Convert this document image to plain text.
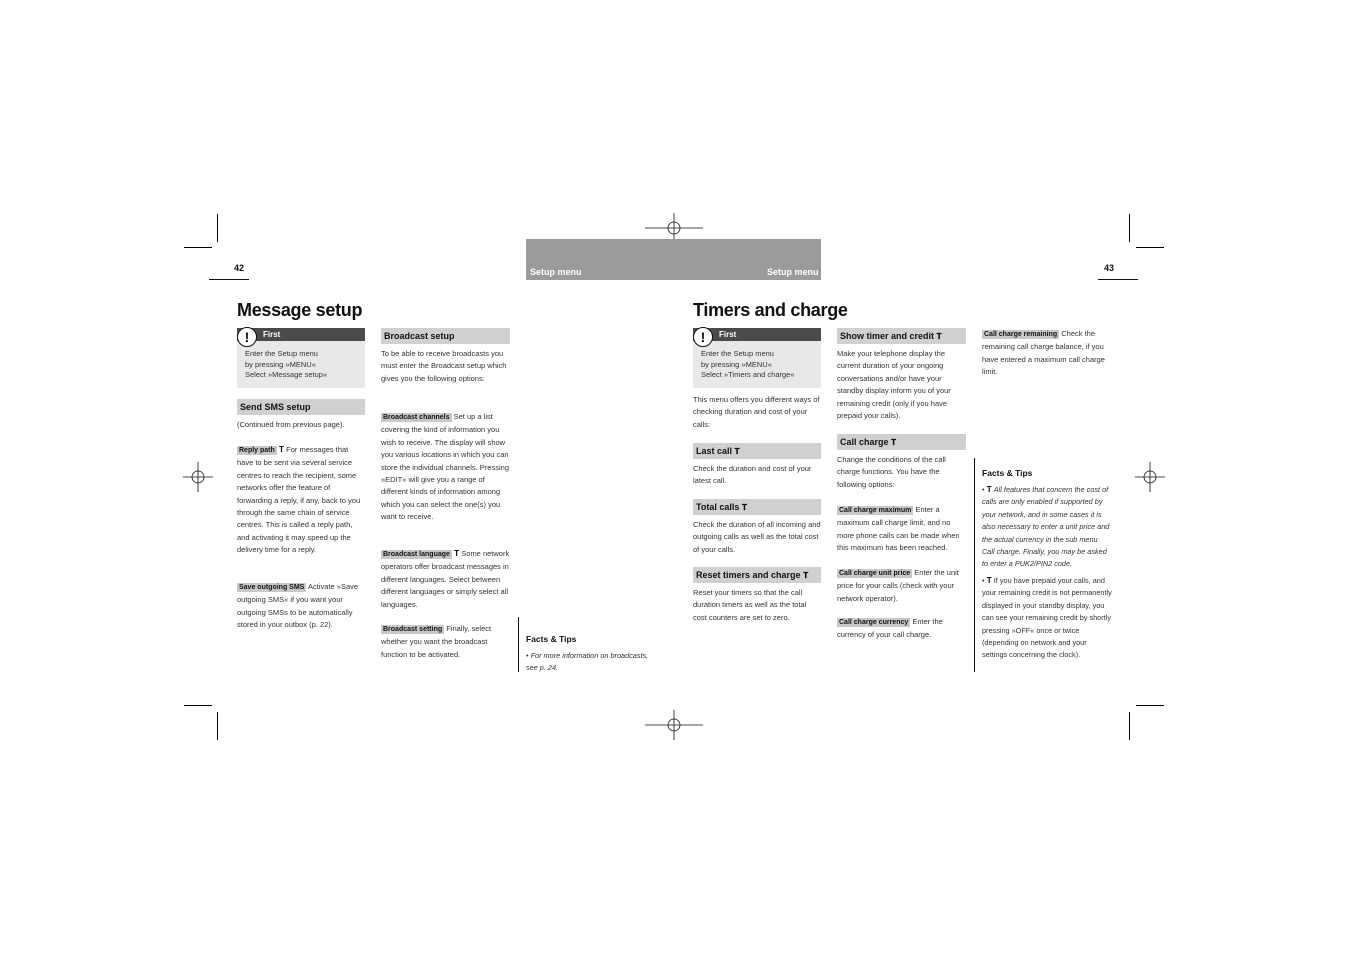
Setup menu	Setup menu
42	43
Message setup
!	First
Enter the Setup menu
by pressing »MENU«
Select »Message setup«
Send SMS setup
(Continued from previous page).
Reply path 𝚻 For messages that have to be sent via several service centres to reach the recipient, some networks offer the feature of forwarding a reply, if any, back to you through the same chain of service centres. This is called a reply path, and activating it may speed up the delivery time for a reply.
Save outgoing SMS Activate »Save outgoing SMS« if you want your outgoing SMSs to be automatically stored in your outbox (p. 22).
Broadcast setup
To be able to receive broadcasts you must enter the Broadcast setup which gives you the following options:
Broadcast channels Set up a list covering the kind of information you wish to receive. The display will show you various locations in which you can store the individual channels. Pressing »EDIT« will give you a range of different kinds of information among which you can select the one(s) you want to receive.
Broadcast language 𝚻 Some network operators offer broadcast messages in different languages. Select between different languages or simply select all languages.
Broadcast setting Finally, select whether you want the broadcast function to be activated.
Facts & Tips
• For more information on broadcasts, see p. 24.
Timers and charge
!	First
Enter the Setup menu
by pressing »MENU«
Select »Timers and charge«
This menu offers you different ways of checking duration and cost of your calls:
Last call 𝚻
Check the duration and cost of your latest call.
Total calls 𝚻
Check the duration of all incoming and outgoing calls as well as the total cost of your calls.
Reset timers and charge 𝚻
Reset your timers so that the call duration timers as well as the total cost counters are set to zero.
Show timer and credit 𝚻
Make your telephone display the current duration of your ongoing conversations and/or have your standby display inform you of your remaining credit (only if you have prepaid your calls).
Call charge 𝚻
Change the conditions of the call charge functions. You have the following options:
Call charge maximum Enter a maximum call charge limit, and no more phone calls can be made when this maximum has been reached.
Call charge unit price Enter the unit price for your calls (check with your network operator).
Call charge currency Enter the currency of your call charge.
Call charge remaining Check the remaining call charge balance, if you have entered a maximum call charge limit.
Facts & Tips
• 𝚻 All features that concern the cost of calls are only enabled if supported by your network, and in some cases it is also necessary to enter a unit price and the actual currency in the sub menu Call charge. Finally, you may be asked to enter a PUK2/PIN2 code.
• 𝚻 If you have prepaid your calls, and your remaining credit is not permanently displayed in your standby display, you can see your remaining credit by shortly pressing »OFF« once or twice (depending on network and your settings concerning the clock).
